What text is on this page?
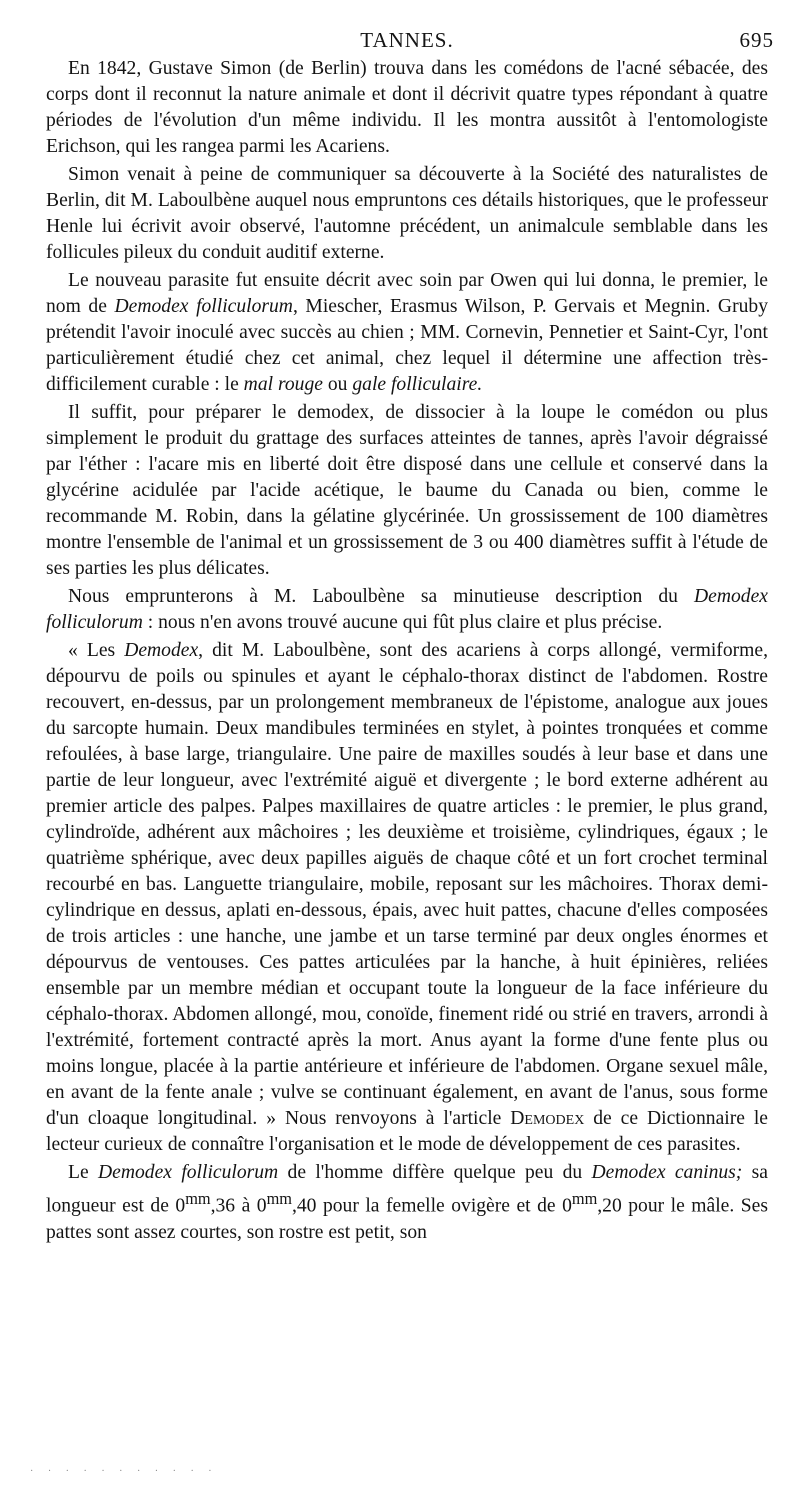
TANNES.	695

En 1842, Gustave Simon (de Berlin) trouva dans les comédons de l'acné sébacée, des corps dont il reconnut la nature animale et dont il décrivit quatre types répondant à quatre périodes de l'évolution d'un même individu. Il les montra aussitôt à l'entomologiste Erichson, qui les rangea parmi les Acariens.

Simon venait à peine de communiquer sa découverte à la Société des naturalistes de Berlin, dit M. Laboulbène auquel nous empruntons ces détails historiques, que le professeur Henle lui écrivit avoir observé, l'automne précédent, un animalcule semblable dans les follicules pileux du conduit auditif externe.

Le nouveau parasite fut ensuite décrit avec soin par Owen qui lui donna, le premier, le nom de Demodex folliculorum, Miescher, Erasmus Wilson, P. Gervais et Megnin. Gruby prétendit l'avoir inoculé avec succès au chien ; MM. Cornevin, Pennetier et Saint-Cyr, l'ont particulièrement étudié chez cet animal, chez lequel il détermine une affection très-difficilement curable : le mal rouge ou gale folliculaire.

Il suffit, pour préparer le demodex, de dissocier à la loupe le comédon ou plus simplement le produit du grattage des surfaces atteintes de tannes, après l'avoir dégraissé par l'éther : l'acare mis en liberté doit être disposé dans une cellule et conservé dans la glycérine acidulée par l'acide acétique, le baume du Canada ou bien, comme le recommande M. Robin, dans la gélatine glycérinée. Un grossissement de 100 diamètres montre l'ensemble de l'animal et un grossissement de 3 ou 400 diamètres suffit à l'étude de ses parties les plus délicates.

Nous emprunterons à M. Laboulbène sa minutieuse description du Demodex folliculorum : nous n'en avons trouvé aucune qui fût plus claire et plus précise.

« Les Demodex, dit M. Laboulbène, sont des acariens à corps allongé, vermiforme, dépourvu de poils ou spinules et ayant le céphalo-thorax distinct de l'abdomen. Rostre recouvert, en-dessus, par un prolongement membraneux de l'épistome, analogue aux joues du sarcopte humain. Deux mandibules terminées en stylet, à pointes tronquées et comme refoulées, à base large, triangulaire. Une paire de maxilles soudés à leur base et dans une partie de leur longueur, avec l'extrémité aiguë et divergente ; le bord externe adhérent au premier article des palpes. Palpes maxillaires de quatre articles : le premier, le plus grand, cylindroïde, adhérent aux mâchoires ; les deuxième et troisième, cylindriques, égaux ; le quatrième sphérique, avec deux papilles aiguës de chaque côté et un fort crochet terminal recourbé en bas. Languette triangulaire, mobile, reposant sur les mâchoires. Thorax demi-cylindrique en dessus, aplati en-dessous, épais, avec huit pattes, chacune d'elles composées de trois articles : une hanche, une jambe et un tarse terminé par deux ongles énormes et dépourvus de ventouses. Ces pattes articulées par la hanche, à huit épinières, reliées ensemble par un membre médian et occupant toute la longueur de la face inférieure du céphalo-thorax. Abdomen allongé, mou, conoïde, finement ridé ou strié en travers, arrondi à l'extrémité, fortement contracté après la mort. Anus ayant la forme d'une fente plus ou moins longue, placée à la partie antérieure et inférieure de l'abdomen. Organe sexuel mâle, en avant de la fente anale ; vulve se continuant également, en avant de l'anus, sous forme d'un cloaque longitudinal. » Nous renvoyons à l'article Demodex de ce Dictionnaire le lecteur curieux de connaître l'organisation et le mode de développement de ces parasites.

Le Demodex folliculorum de l'homme diffère quelque peu du Demodex caninus; sa longueur est de $0^{mm},36$ à $0^{mm},40$ pour la femelle ovigère et de $0^{mm},20$ pour le mâle. Ses pattes sont assez courtes, son rostre est petit, son

· · · · · · · · · · ·
